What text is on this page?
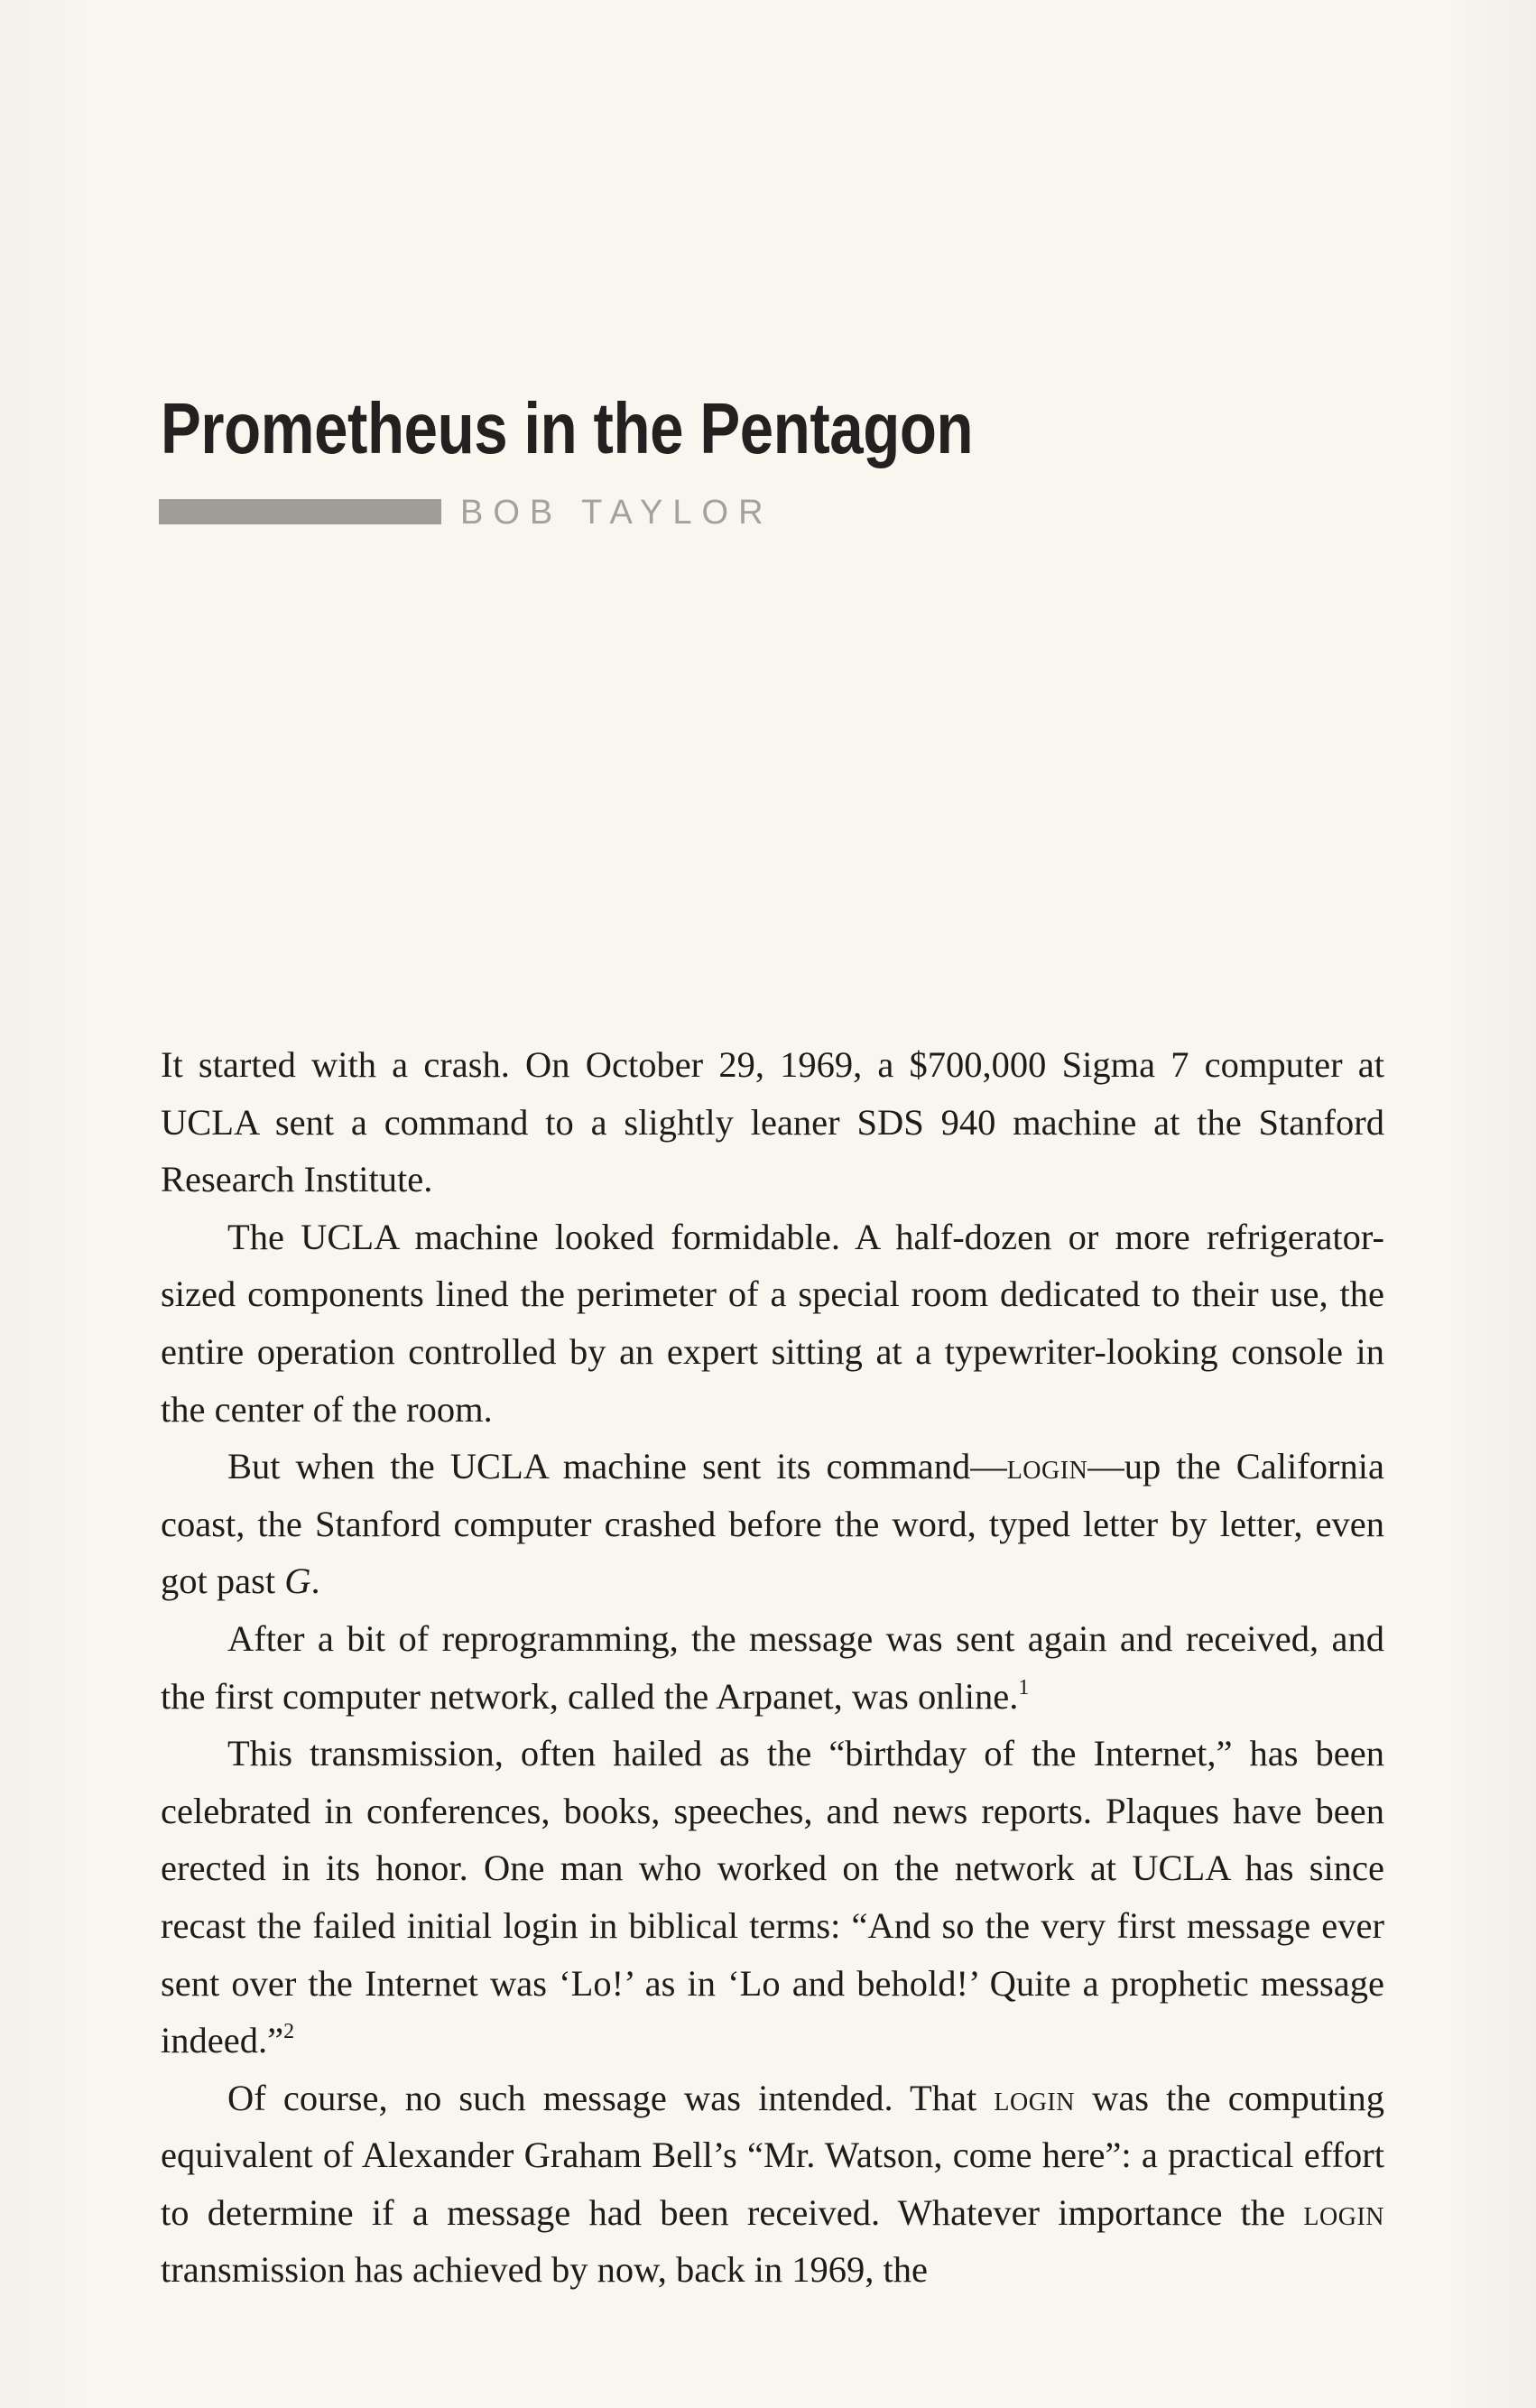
Prometheus in the Pentagon
BOB TAYLOR

It started with a crash. On October 29, 1969, a $700,000 Sigma 7 computer at UCLA sent a command to a slightly leaner SDS 940 machine at the Stanford Research Institute.

The UCLA machine looked formidable. A half-dozen or more refrigerator-sized components lined the perimeter of a special room dedicated to their use, the entire operation controlled by an expert sitting at a typewriter-looking console in the center of the room.

But when the UCLA machine sent its command—login—up the California coast, the Stanford computer crashed before the word, typed letter by letter, even got past G.

After a bit of reprogramming, the message was sent again and received, and the first computer network, called the Arpanet, was online.$^1$

This transmission, often hailed as the “birthday of the Internet,” has been celebrated in conferences, books, speeches, and news reports. Plaques have been erected in its honor. One man who worked on the network at UCLA has since recast the failed initial login in biblical terms: “And so the very first message ever sent over the Internet was ‘Lo!’ as in ‘Lo and behold!’ Quite a prophetic message indeed.”$^2$

Of course, no such message was intended. That login was the computing equivalent of Alexander Graham Bell’s “Mr. Watson, come here”: a practical effort to determine if a message had been received. Whatever importance the login transmission has achieved by now, back in 1969, the
